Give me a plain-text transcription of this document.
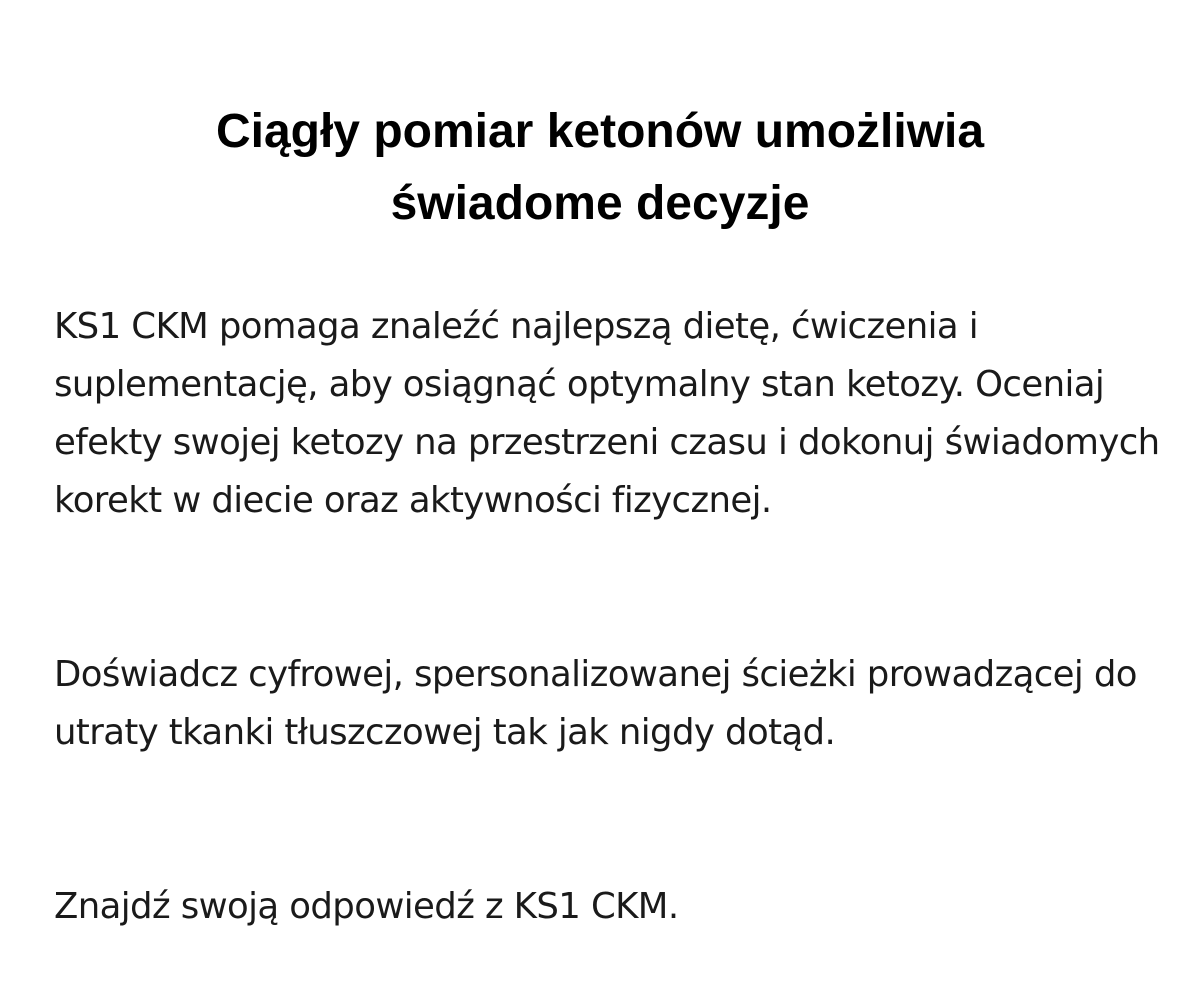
Ciągły pomiar ketonów umożliwia świadome decyzje

KS1 CKM pomaga znaleźć najlepszą dietę, ćwiczenia i suplementację, aby osiągnąć optymalny stan ketozy. Oceniaj efekty swojej ketozy na przestrzeni czasu i dokonuj świadomych korekt w diecie oraz aktywności fizycznej.

Doświadcz cyfrowej, spersonalizowanej ścieżki prowadzącej do utraty tkanki tłuszczowej tak jak nigdy dotąd.

Znajdź swoją odpowiedź z KS1 CKM.
